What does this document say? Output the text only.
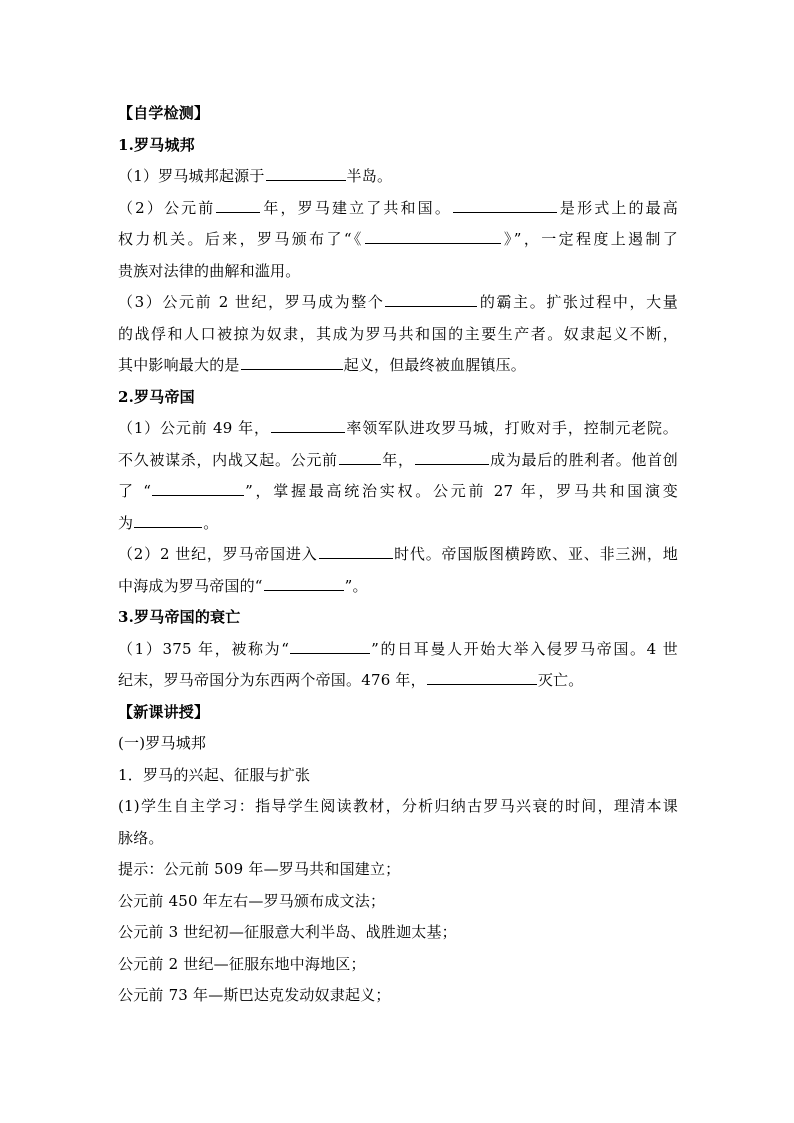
【自学检测】
1.罗马城邦
（1）罗马城邦起源于	半岛。
（2）公元前	年，罗马建立了共和国。	是形式上的最高
权力机关。后来，罗马颁布了“《	》”，一定程度上遏制了
贵族对法律的曲解和滥用。
（3）公元前 2 世纪，罗马成为整个	的霸主。扩张过程中，大量
的战俘和人口被掠为奴隶，其成为罗马共和国的主要生产者。奴隶起义不断，
其中影响最大的是	起义，但最终被血腥镇压。
2.罗马帝国
（1）公元前 49 年，	率领军队进攻罗马城，打败对手，控制元老院。
不久被谋杀，内战又起。公元前	年，	成为最后的胜利者。他首创
了 “	”，掌握最高统治实权。公元前 27 年，罗马共和国演变
为	。
（2）2 世纪，罗马帝国进入	时代。帝国版图横跨欧、亚、非三洲，地
中海成为罗马帝国的“	”。
3.罗马帝国的衰亡
（1）375 年，被称为“	”的日耳曼人开始大举入侵罗马帝国。4 世
纪末，罗马帝国分为东西两个帝国。476 年，	灭亡。
【新课讲授】
(一)罗马城邦
1．罗马的兴起、征服与扩张
(1)学生自主学习：指导学生阅读教材，分析归纳古罗马兴衰的时间，理清本课
脉络。
提示：公元前 509 年—罗马共和国建立；
公元前 450 年左右—罗马颁布成文法；
公元前 3 世纪初—征服意大利半岛、战胜迦太基；
公元前 2 世纪—征服东地中海地区；
公元前 73 年—斯巴达克发动奴隶起义；
